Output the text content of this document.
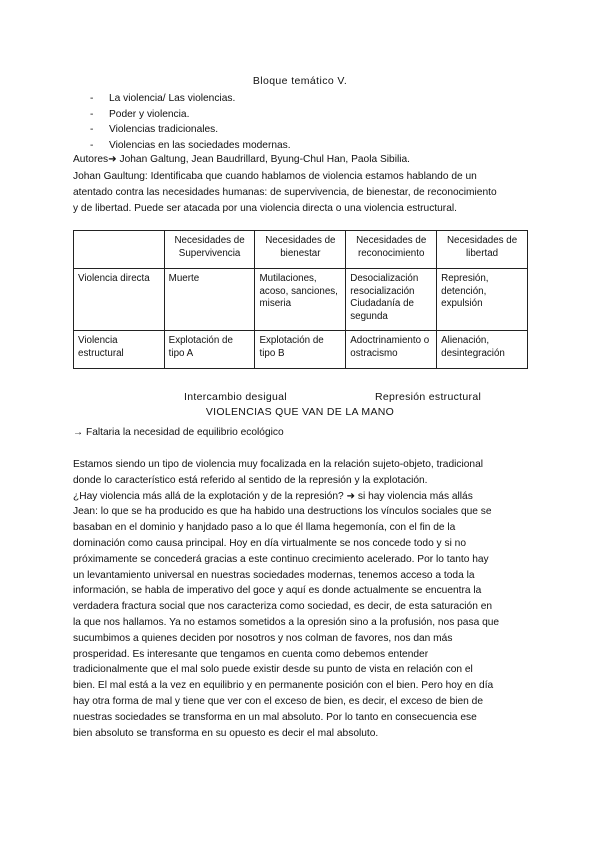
Bloque temático V.
- La violencia/ Las violencias.
- Poder y violencia.
- Violencias tradicionales.
- Violencias en las sociedades modernas.
Autores➜ Johan Galtung, Jean Baudrillard, Byung-Chul Han, Paola Sibilia.
Johan Gaultung: Identificaba que cuando hablamos de violencia estamos hablando de un
atentado contra las necesidades humanas: de supervivencia, de bienestar, de reconocimiento
y de libertad. Puede ser atacada por una violencia directa o una violencia estructural.
	Necesidades de Supervivencia	Necesidades de bienestar	Necesidades de reconocimiento	Necesidades de libertad
Violencia directa	Muerte	Mutilaciones, acoso, sanciones, miseria	Desocialización resocialización Ciudadanía de segunda	Represión, detención, expulsión
Violencia estructural	Explotación de tipo A	Explotación de tipo B	Adoctrinamiento o ostracismo	Alienación, desintegración
Intercambio desigual	Represión estructural
VIOLENCIAS QUE VAN DE LA MANO
→ Faltaria la necesidad de equilibrio ecológico
Estamos siendo un tipo de violencia muy focalizada en la relación sujeto-objeto, tradicional
donde lo característico está referido al sentido de la represión y la explotación.
¿Hay violencia más allá de la explotación y de la represión? ➜ si hay violencia más allás
Jean: lo que se ha producido es que ha habido una destructions los vínculos sociales que se
basaban en el dominio y hanjdado paso a lo que él llama hegemonía, con el fin de la
dominación como causa principal. Hoy en día virtualmente se nos concede todo y si no
próximamente se concederá gracias a este continuo crecimiento acelerado. Por lo tanto hay
un levantamiento universal en nuestras sociedades modernas, tenemos acceso a toda la
información, se habla de imperativo del goce y aquí es donde actualmente se encuentra la
verdadera fractura social que nos caracteriza como sociedad, es decir, de esta saturación en
la que nos hallamos. Ya no estamos sometidos a la opresión sino a la profusión, nos pasa que
sucumbimos a quienes deciden por nosotros y nos colman de favores, nos dan más
prosperidad. Es interesante que tengamos en cuenta como debemos entender
tradicionalmente que el mal solo puede existir desde su punto de vista en relación con el
bien. El mal está a la vez en equilibrio y en permanente posición con el bien. Pero hoy en día
hay otra forma de mal y tiene que ver con el exceso de bien, es decir, el exceso de bien de
nuestras sociedades se transforma en un mal absoluto. Por lo tanto en consecuencia ese
bien absoluto se transforma en su opuesto es decir el mal absoluto.
